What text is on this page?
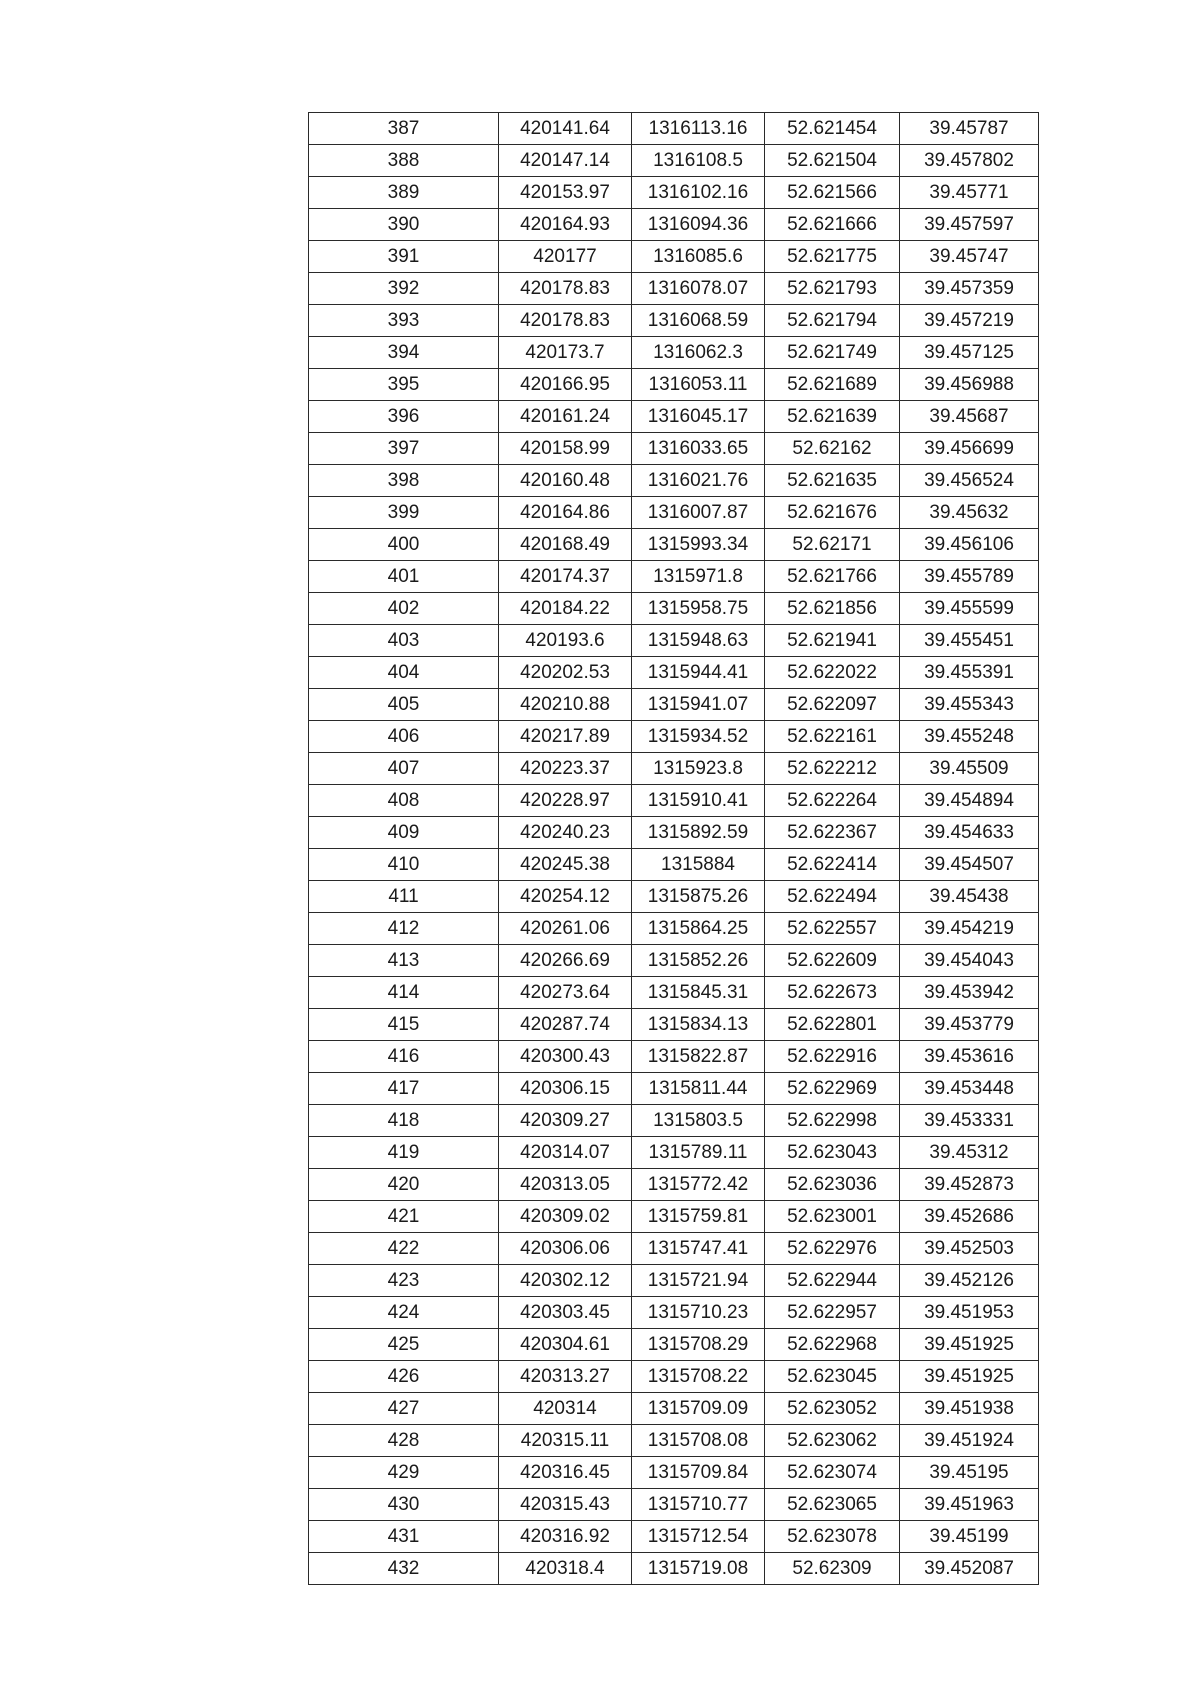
387	420141.64	1316113.16	52.621454	39.45787
388	420147.14	1316108.5	52.621504	39.457802
389	420153.97	1316102.16	52.621566	39.45771
390	420164.93	1316094.36	52.621666	39.457597
391	420177	1316085.6	52.621775	39.45747
392	420178.83	1316078.07	52.621793	39.457359
393	420178.83	1316068.59	52.621794	39.457219
394	420173.7	1316062.3	52.621749	39.457125
395	420166.95	1316053.11	52.621689	39.456988
396	420161.24	1316045.17	52.621639	39.45687
397	420158.99	1316033.65	52.62162	39.456699
398	420160.48	1316021.76	52.621635	39.456524
399	420164.86	1316007.87	52.621676	39.45632
400	420168.49	1315993.34	52.62171	39.456106
401	420174.37	1315971.8	52.621766	39.455789
402	420184.22	1315958.75	52.621856	39.455599
403	420193.6	1315948.63	52.621941	39.455451
404	420202.53	1315944.41	52.622022	39.455391
405	420210.88	1315941.07	52.622097	39.455343
406	420217.89	1315934.52	52.622161	39.455248
407	420223.37	1315923.8	52.622212	39.45509
408	420228.97	1315910.41	52.622264	39.454894
409	420240.23	1315892.59	52.622367	39.454633
410	420245.38	1315884	52.622414	39.454507
411	420254.12	1315875.26	52.622494	39.45438
412	420261.06	1315864.25	52.622557	39.454219
413	420266.69	1315852.26	52.622609	39.454043
414	420273.64	1315845.31	52.622673	39.453942
415	420287.74	1315834.13	52.622801	39.453779
416	420300.43	1315822.87	52.622916	39.453616
417	420306.15	1315811.44	52.622969	39.453448
418	420309.27	1315803.5	52.622998	39.453331
419	420314.07	1315789.11	52.623043	39.45312
420	420313.05	1315772.42	52.623036	39.452873
421	420309.02	1315759.81	52.623001	39.452686
422	420306.06	1315747.41	52.622976	39.452503
423	420302.12	1315721.94	52.622944	39.452126
424	420303.45	1315710.23	52.622957	39.451953
425	420304.61	1315708.29	52.622968	39.451925
426	420313.27	1315708.22	52.623045	39.451925
427	420314	1315709.09	52.623052	39.451938
428	420315.11	1315708.08	52.623062	39.451924
429	420316.45	1315709.84	52.623074	39.45195
430	420315.43	1315710.77	52.623065	39.451963
431	420316.92	1315712.54	52.623078	39.45199
432	420318.4	1315719.08	52.62309	39.452087
